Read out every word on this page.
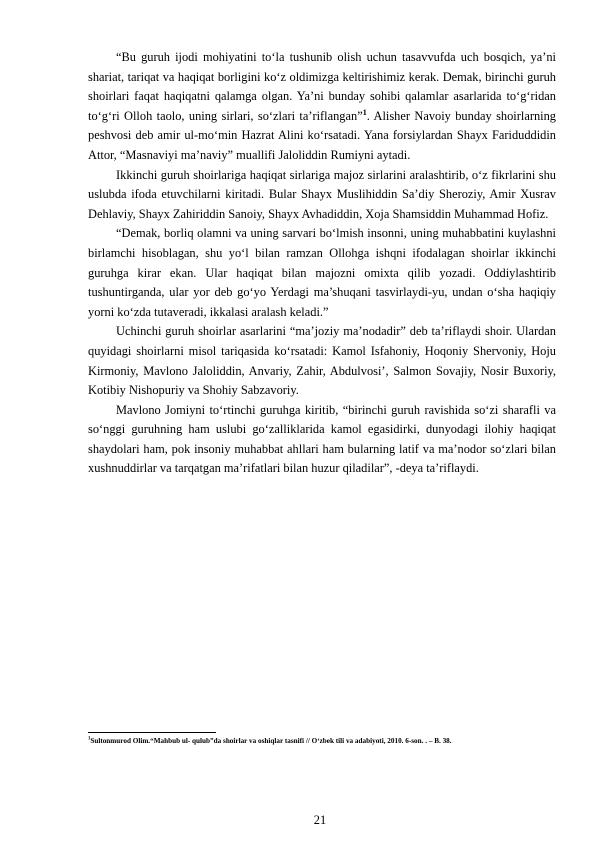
“Bu guruh ijodi mohiyatini to‘la tushunib olish uchun tasavvufda uch bosqich, ya’ni shariat, tariqat va haqiqat borligini ko‘z oldimizga keltirishimiz kerak. Demak, birinchi guruh shoirlari faqat haqiqatni qalamga olgan. Ya’ni bunday sohibi qalamlar asarlarida to‘g‘ridan to‘g‘ri Olloh taolo, uning sirlari, so‘zlari ta’riflangan”$^1$. Alisher Navoiy bunday shoirlarning peshvosi deb amir ul-mo‘min Hazrat Alini ko‘rsatadi. Yana forsiylardan Shayx Fariduddidin Attor, “Masnaviyi ma’naviy” muallifi Jaloliddin Rumiyni aytadi.

Ikkinchi guruh shoirlariga haqiqat sirlariga majoz sirlarini aralashtirib, o‘z fikrlarini shu uslubda ifoda etuvchilarni kiritadi. Bular Shayx Muslihiddin Sa’diy Sheroziy, Amir Xusrav Dehlaviy, Shayx Zahiriddin Sanoiy, Shayx Avhadiddin, Xoja Shamsiddin Muhammad Hofiz.

“Demak, borliq olamni va uning sarvari bo‘lmish insonni, uning muhabbatini kuylashni birlamchi hisoblagan, shu yo‘l bilan ramzan Ollohga ishqni ifodalagan shoirlar ikkinchi guruhga kirar ekan. Ular haqiqat bilan majozni omixta qilib yozadi. Oddiylashtirib tushuntirganda, ular yor deb go‘yo Yerdagi ma’shuqani tasvirlaydi-yu, undan o‘sha haqiqiy yorni ko‘zda tutaveradi, ikkalasi aralash keladi.”

Uchinchi guruh shoirlar asarlarini “ma’joziy ma’nodadir” deb ta’riflaydi shoir. Ulardan quyidagi shoirlarni misol tariqasida ko‘rsatadi: Kamol Isfahoniy, Hoqoniy Shervoniy, Hoju Kirmoniy, Mavlono Jaloliddin, Anvariy, Zahir, Abdulvosi’, Salmon Sovajiy, Nosir Buxoriy, Kotibiy Nishopuriy va Shohiy Sabzavoriy.

Mavlono Jomiyni to‘rtinchi guruhga kiritib, “birinchi guruh ravishida so‘zi sharafli va so‘nggi guruhning ham uslubi go‘zalliklarida kamol egasidirki, dunyodagi ilohiy haqiqat shaydolari ham, pok insoniy muhabbat ahllari ham bularning latif va ma’nodor so‘zlari bilan xushnuddirlar va tarqatgan ma’rifatlari bilan huzur qiladilar”, -deya ta’riflaydi.

$^1$Sultonmurod Olim.“Mahbub ul- qulub”da shoirlar va oshiqlar tasnifi // O‘zbek tili va adabiyoti, 2010. 6-son. . – B. 38.
21
